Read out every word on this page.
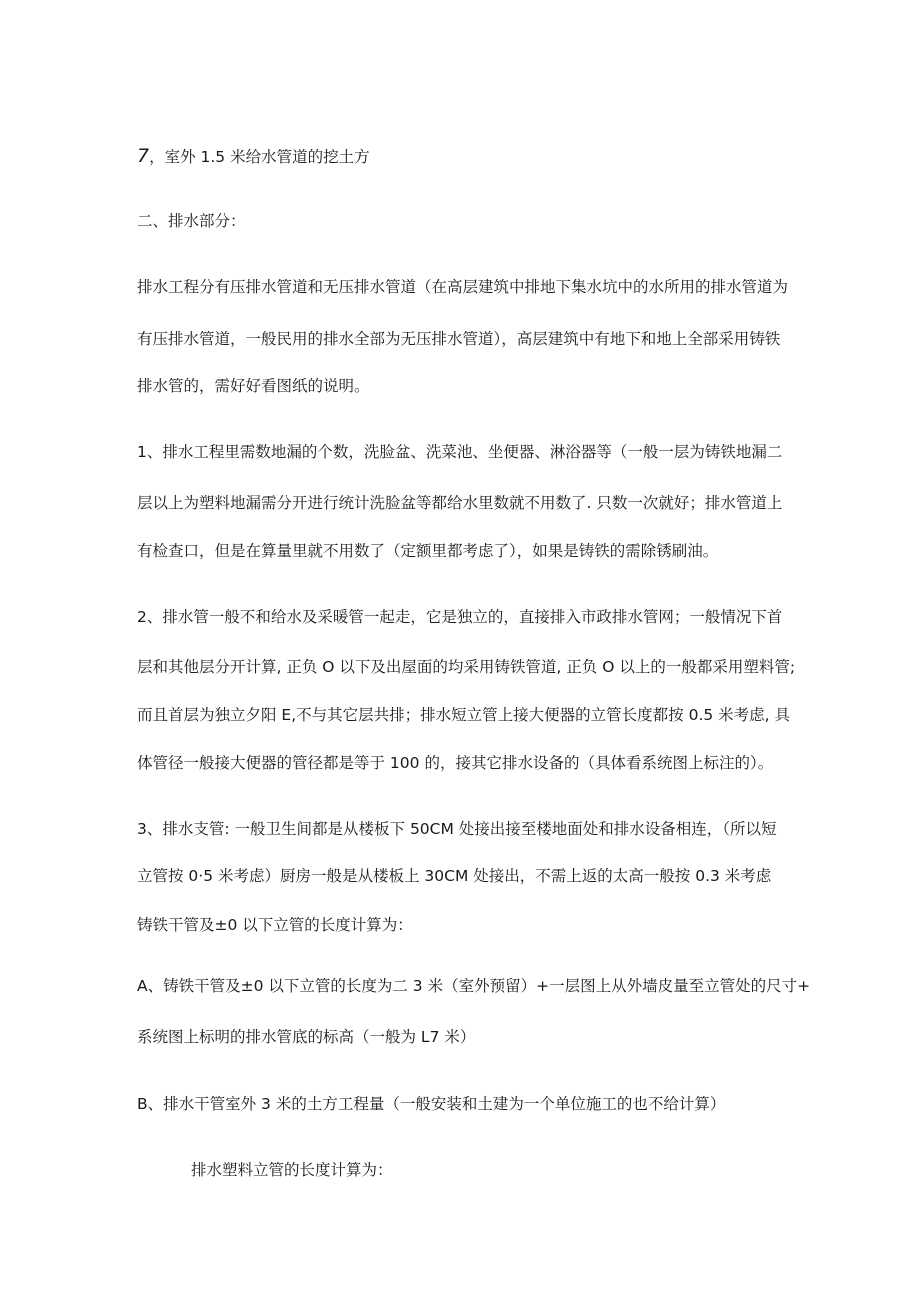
7，室外 1.5 米给水管道的挖土方
二、排水部分：
排水工程分有压排水管道和无压排水管道（在高层建筑中排地下集水坑中的水所用的排水管道为
有压排水管道，一般民用的排水全部为无压排水管道），高层建筑中有地下和地上全部采用铸铁
排水管的，需好好看图纸的说明。
1、排水工程里需数地漏的个数，洗脸盆、洗菜池、坐便器、淋浴器等（一般一层为铸铁地漏二
层以上为塑料地漏需分开进行统计洗脸盆等都给水里数就不用数了. 只数一次就好；排水管道上
有检查口，但是在算量里就不用数了（定额里都考虑了），如果是铸铁的需除锈刷油。
2、排水管一般不和给水及采暖管一起走，它是独立的，直接排入市政排水管网；一般情况下首
层和其他层分开计算, 正负 O 以下及出屋面的均采用铸铁管道, 正负 O 以上的一般都采用塑料管;
而且首层为独立夕阳 E,不与其它层共排；排水短立管上接大便器的立管长度都按 0.5 米考虑, 具
体管径一般接大便器的管径都是等于 100 的，接其它排水设备的（具体看系统图上标注的）。
3、排水支管: 一般卫生间都是从楼板下 50CM 处接出接至楼地面处和排水设备相连，（所以短
立管按 0·5 米考虑）厨房一般是从楼板上 30CM 处接出，不需上返的太高一般按 0.3 米考虑
铸铁干管及±0 以下立管的长度计算为：
A、铸铁干管及±0 以下立管的长度为二 3 米（室外预留）+一层图上从外墙皮量至立管处的尺寸+
系统图上标明的排水管底的标高（一般为 L7 米）
B、排水干管室外 3 米的土方工程量（一般安装和土建为一个单位施工的也不给计算）
排水塑料立管的长度计算为：
